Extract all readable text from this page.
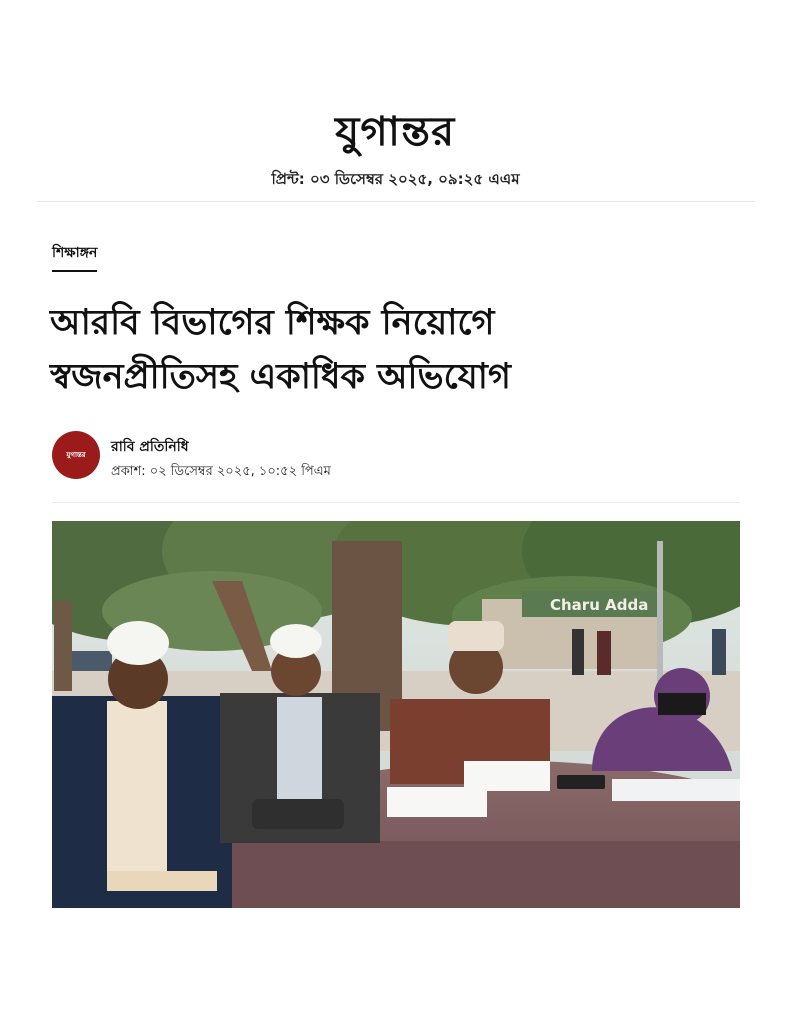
যুগান্তর
প্রিন্ট: ০৩ ডিসেম্বর ২০২৫, ০৯:২৫ এএম
শিক্ষাঙ্গন
আরবি বিভাগের শিক্ষক নিয়োগে
স্বজনপ্রীতিসহ একাধিক অভিযোগ
যুগান্তর রাবি প্রতিনিধি
প্রকাশ: ০২ ডিসেম্বর ২০২৫, ১০:৫২ পিএম
Charu Adda
